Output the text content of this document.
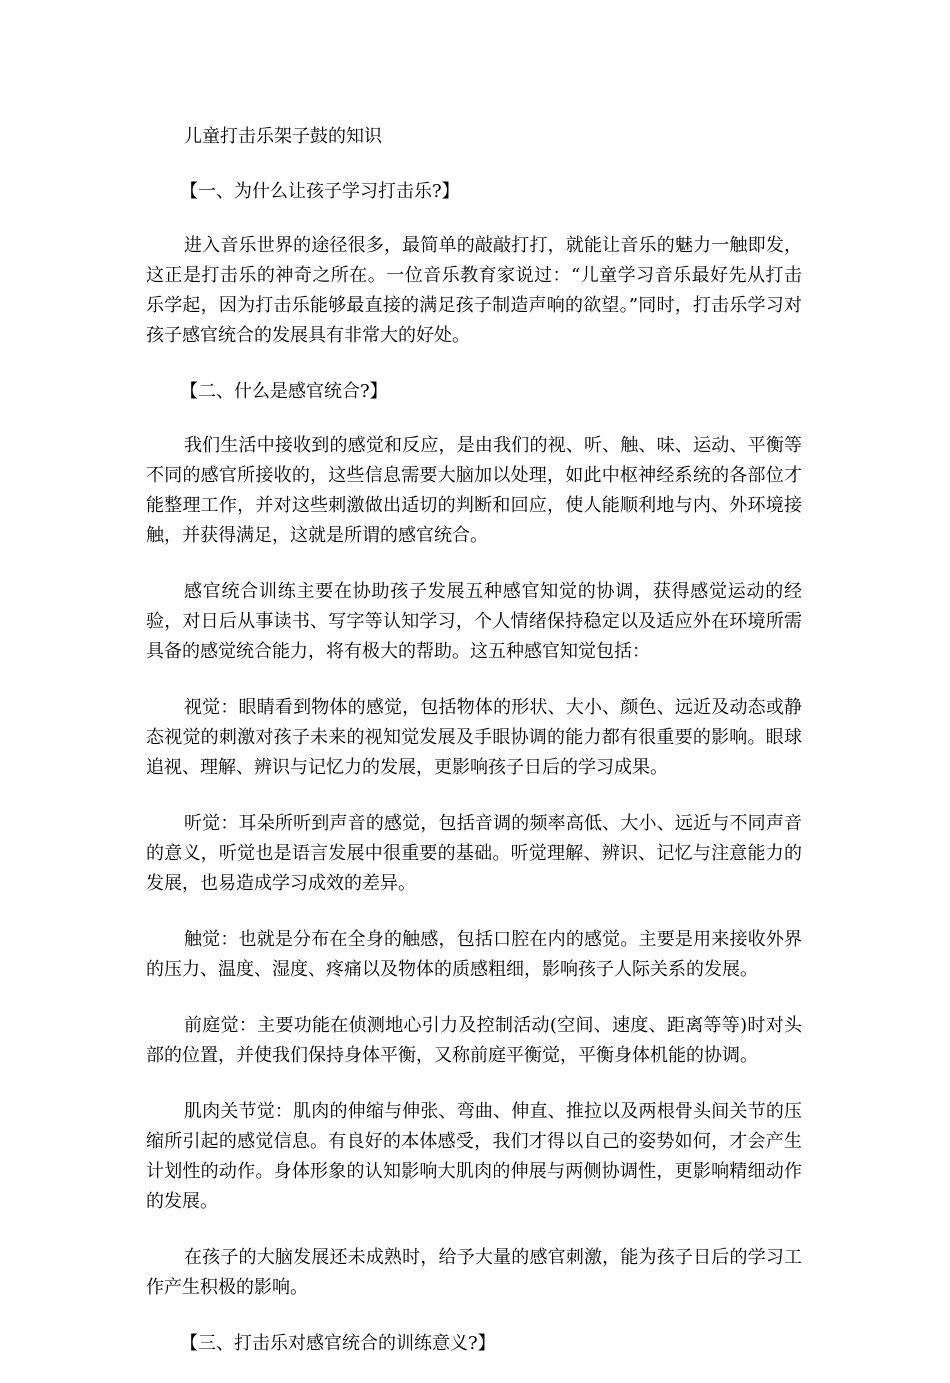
儿童打击乐架子鼓的知识

【一、为什么让孩子学习打击乐?】

进入音乐世界的途径很多，最简单的敲敲打打，就能让音乐的魅力一触即发，这正是打击乐的神奇之所在。一位音乐教育家说过：“儿童学习音乐最好先从打击乐学起，因为打击乐能够最直接的满足孩子制造声响的欲望。”同时，打击乐学习对孩子感官统合的发展具有非常大的好处。

【二、什么是感官统合?】

我们生活中接收到的感觉和反应，是由我们的视、听、触、味、运动、平衡等不同的感官所接收的，这些信息需要大脑加以处理，如此中枢神经系统的各部位才能整理工作，并对这些刺激做出适切的判断和回应，使人能顺利地与内、外环境接触，并获得满足，这就是所谓的感官统合。

感官统合训练主要在协助孩子发展五种感官知觉的协调，获得感觉运动的经验，对日后从事读书、写字等认知学习，个人情绪保持稳定以及适应外在环境所需具备的感觉统合能力，将有极大的帮助。这五种感官知觉包括：

视觉：眼睛看到物体的感觉，包括物体的形状、大小、颜色、远近及动态或静态视觉的刺激对孩子未来的视知觉发展及手眼协调的能力都有很重要的影响。眼球追视、理解、辨识与记忆力的发展，更影响孩子日后的学习成果。

听觉：耳朵所听到声音的感觉，包括音调的频率高低、大小、远近与不同声音的意义，听觉也是语言发展中很重要的基础。听觉理解、辨识、记忆与注意能力的发展，也易造成学习成效的差异。

触觉：也就是分布在全身的触感，包括口腔在内的感觉。主要是用来接收外界的压力、温度、湿度、疼痛以及物体的质感粗细，影响孩子人际关系的发展。

前庭觉：主要功能在侦测地心引力及控制活动(空间、速度、距离等等)时对头部的位置，并使我们保持身体平衡，又称前庭平衡觉，平衡身体机能的协调。

肌肉关节觉：肌肉的伸缩与伸张、弯曲、伸直、推拉以及两根骨头间关节的压缩所引起的感觉信息。有良好的本体感受，我们才得以自己的姿势如何，才会产生计划性的动作。身体形象的认知影响大肌肉的伸展与两侧协调性，更影响精细动作的发展。

在孩子的大脑发展还未成熟时，给予大量的感官刺激，能为孩子日后的学习工作产生积极的影响。

【三、打击乐对感官统合的训练意义?】
